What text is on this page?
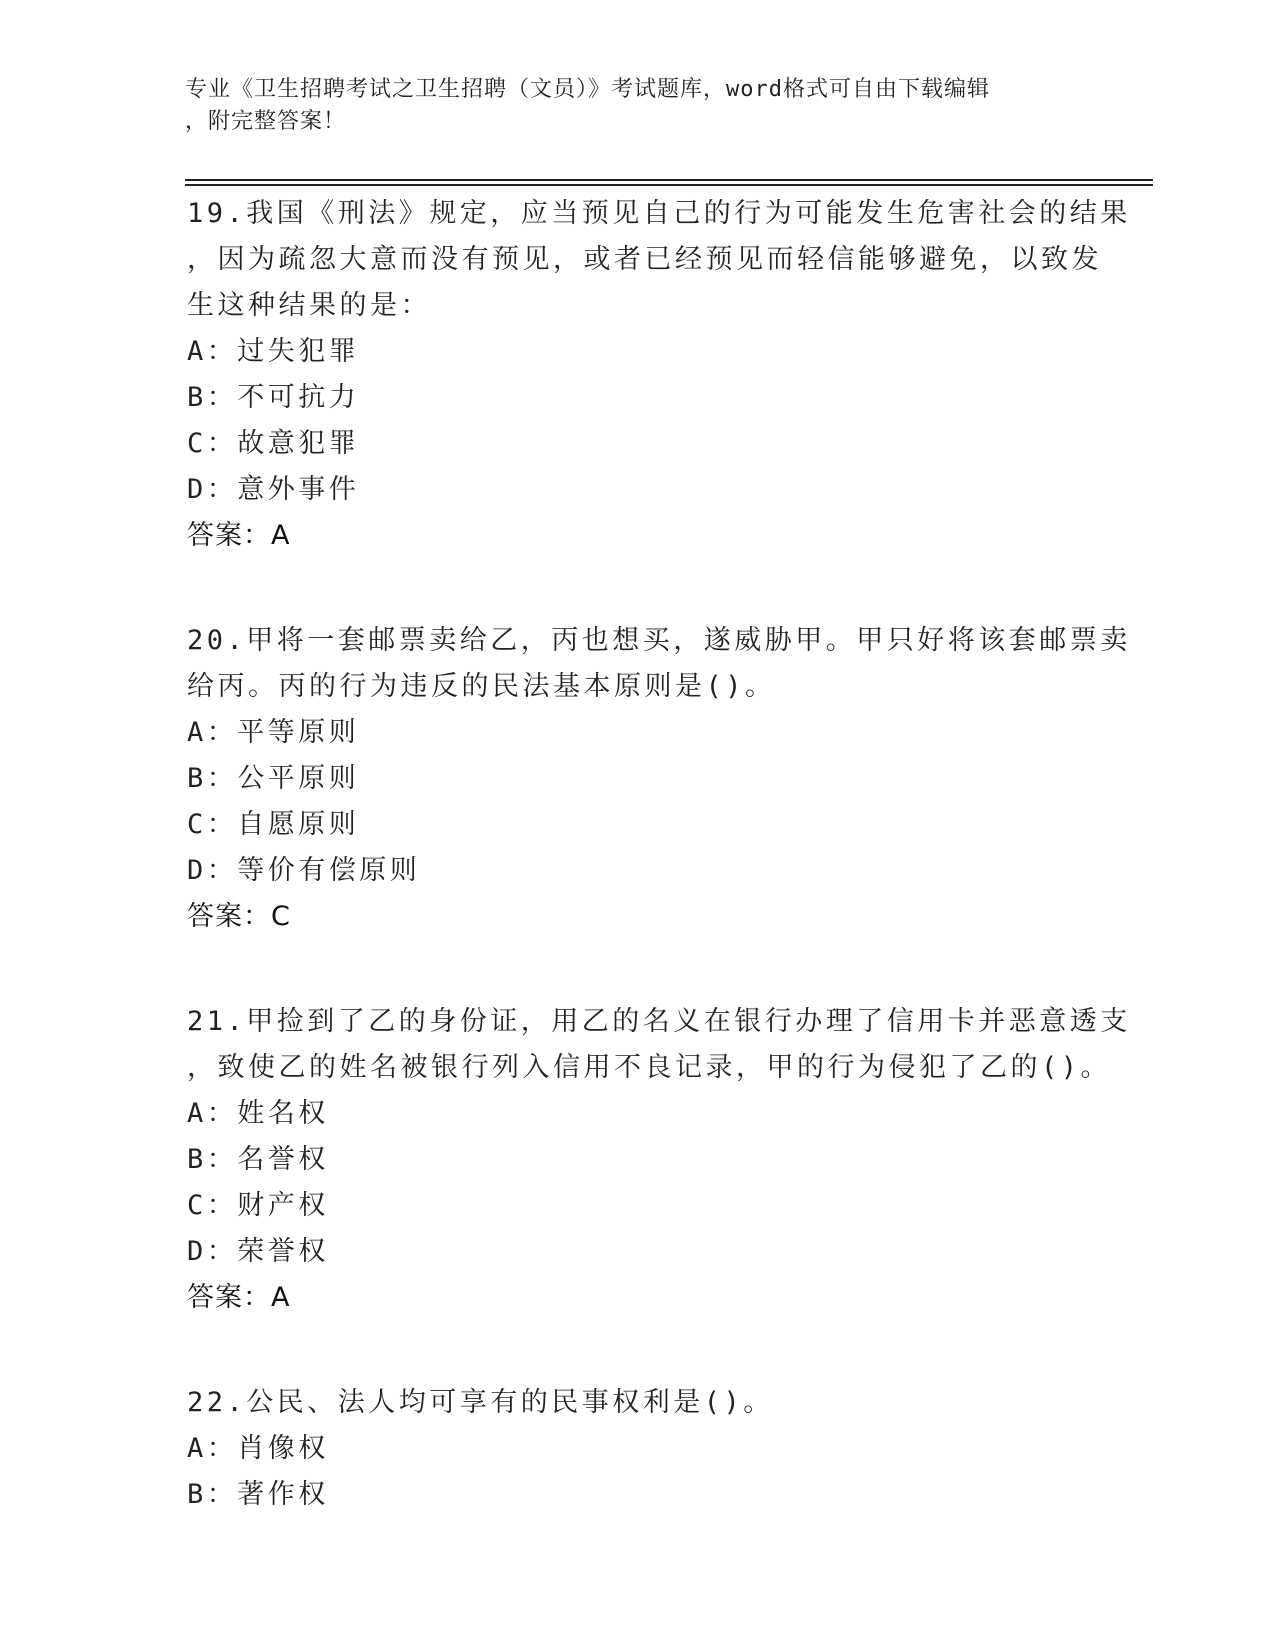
专业《卫生招聘考试之卫生招聘（文员）》考试题库，word格式可自由下载编辑

，附完整答案！

19.我国《刑法》规定，应当预见自己的行为可能发生危害社会的结果

，因为疏忽大意而没有预见，或者已经预见而轻信能够避免，以致发

生这种结果的是：

A：过失犯罪

B：不可抗力

C：故意犯罪

D：意外事件

答案：A

20.甲将一套邮票卖给乙，丙也想买，遂威胁甲。甲只好将该套邮票卖

给丙。丙的行为违反的民法基本原则是()。

A：平等原则

B：公平原则

C：自愿原则

D：等价有偿原则

答案：C

21.甲捡到了乙的身份证，用乙的名义在银行办理了信用卡并恶意透支

，致使乙的姓名被银行列入信用不良记录，甲的行为侵犯了乙的()。

A：姓名权

B：名誉权

C：财产权

D：荣誉权

答案：A

22.公民、法人均可享有的民事权利是()。

A：肖像权

B：著作权
